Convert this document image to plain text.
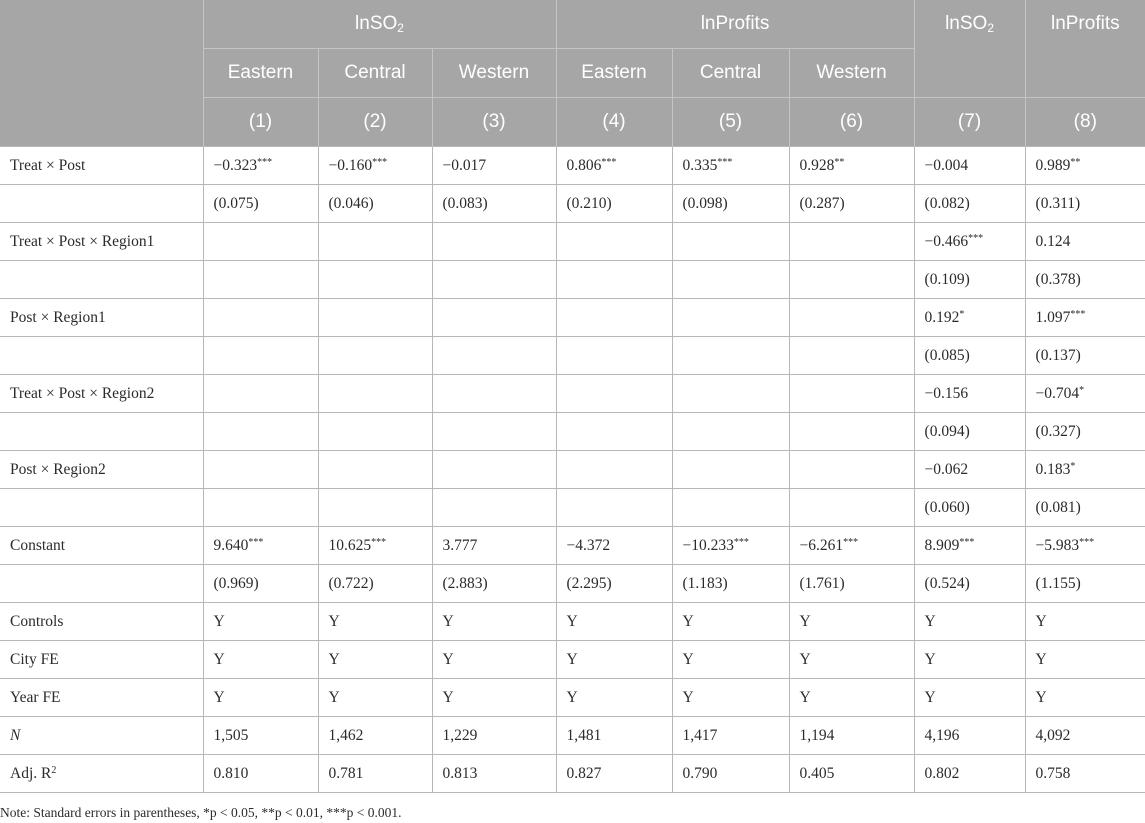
	lnSO$_2$			lnProfits			lnSO$_2$	lnProfits
	Eastern	Central	Western	Eastern	Central	Western		
	(1)	(2)	(3)	(4)	(5)	(6)	(7)	(8)
Treat × Post	−0.323***	−0.160***	−0.017	0.806***	0.335***	0.928**	−0.004	0.989**
	(0.075)	(0.046)	(0.083)	(0.210)	(0.098)	(0.287)	(0.082)	(0.311)
Treat × Post × Region1							−0.466***	0.124
							(0.109)	(0.378)
Post × Region1							0.192*	1.097***
							(0.085)	(0.137)
Treat × Post × Region2							−0.156	−0.704*
							(0.094)	(0.327)
Post × Region2							−0.062	0.183*
							(0.060)	(0.081)
Constant	9.640***	10.625***	3.777	−4.372	−10.233***	−6.261***	8.909***	−5.983***
	(0.969)	(0.722)	(2.883)	(2.295)	(1.183)	(1.761)	(0.524)	(1.155)
Controls	Y	Y	Y	Y	Y	Y	Y	Y
City FE	Y	Y	Y	Y	Y	Y	Y	Y
Year FE	Y	Y	Y	Y	Y	Y	Y	Y
N	1,505	1,462	1,229	1,481	1,417	1,194	4,196	4,092
Adj. $R^2$	0.810	0.781	0.813	0.827	0.790	0.405	0.802	0.758
Note: Standard errors in parentheses, *p < 0.05, **p < 0.01, ***p < 0.001.
